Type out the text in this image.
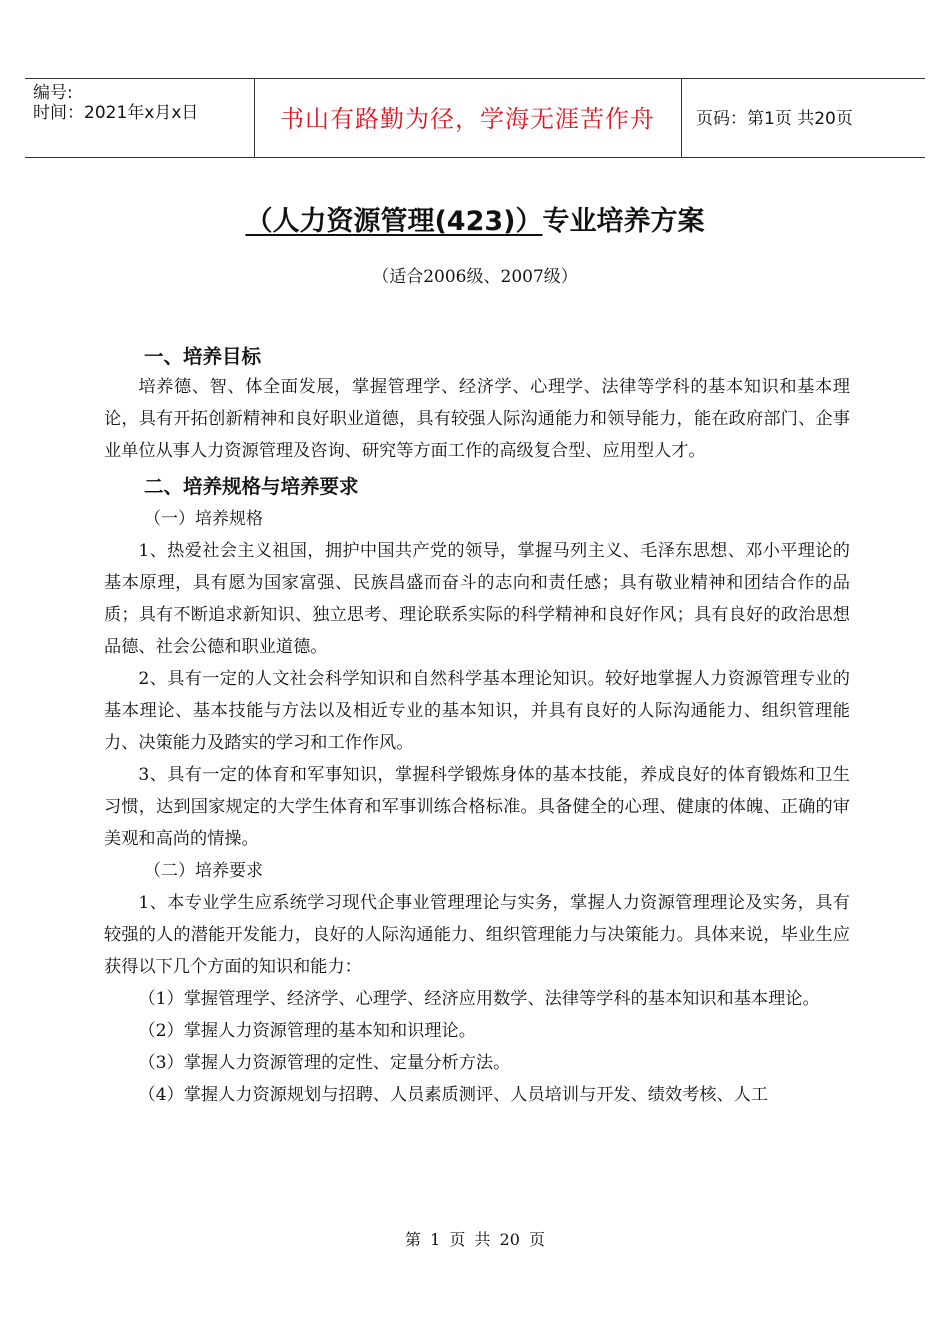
编号:
时间：2021年x月x日	书山有路勤为径，学海无涯苦作舟	页码：第1页 共20页
（人力资源管理(423)）专业培养方案
（适合2006级、2007级）
一、培养目标

培养德、智、体全面发展，掌握管理学、经济学、心理学、法律等学科的基本知识和基本理论，具有开拓创新精神和良好职业道德，具有较强人际沟通能力和领导能力，能在政府部门、企事业单位从事人力资源管理及咨询、研究等方面工作的高级复合型、应用型人才。

二、培养规格与培养要求

（一）培养规格

1、热爱社会主义祖国，拥护中国共产党的领导，掌握马列主义、毛泽东思想、邓小平理论的基本原理，具有愿为国家富强、民族昌盛而奋斗的志向和责任感；具有敬业精神和团结合作的品质；具有不断追求新知识、独立思考、理论联系实际的科学精神和良好作风；具有良好的政治思想品德、社会公德和职业道德。

2、具有一定的人文社会科学知识和自然科学基本理论知识。较好地掌握人力资源管理专业的基本理论、基本技能与方法以及相近专业的基本知识，并具有良好的人际沟通能力、组织管理能力、决策能力及踏实的学习和工作作风。

3、具有一定的体育和军事知识，掌握科学锻炼身体的基本技能，养成良好的体育锻炼和卫生习惯，达到国家规定的大学生体育和军事训练合格标准。具备健全的心理、健康的体魄、正确的审美观和高尚的情操。

（二）培养要求

1、本专业学生应系统学习现代企事业管理理论与实务，掌握人力资源管理理论及实务，具有较强的人的潜能开发能力，良好的人际沟通能力、组织管理能力与决策能力。具体来说，毕业生应获得以下几个方面的知识和能力：

（1）掌握管理学、经济学、心理学、经济应用数学、法律等学科的基本知识和基本理论。

（2）掌握人力资源管理的基本知和识理论。

（3）掌握人力资源管理的定性、定量分析方法。

（4）掌握人力资源规划与招聘、人员素质测评、人员培训与开发、绩效考核、人工

第 1 页 共 20 页
